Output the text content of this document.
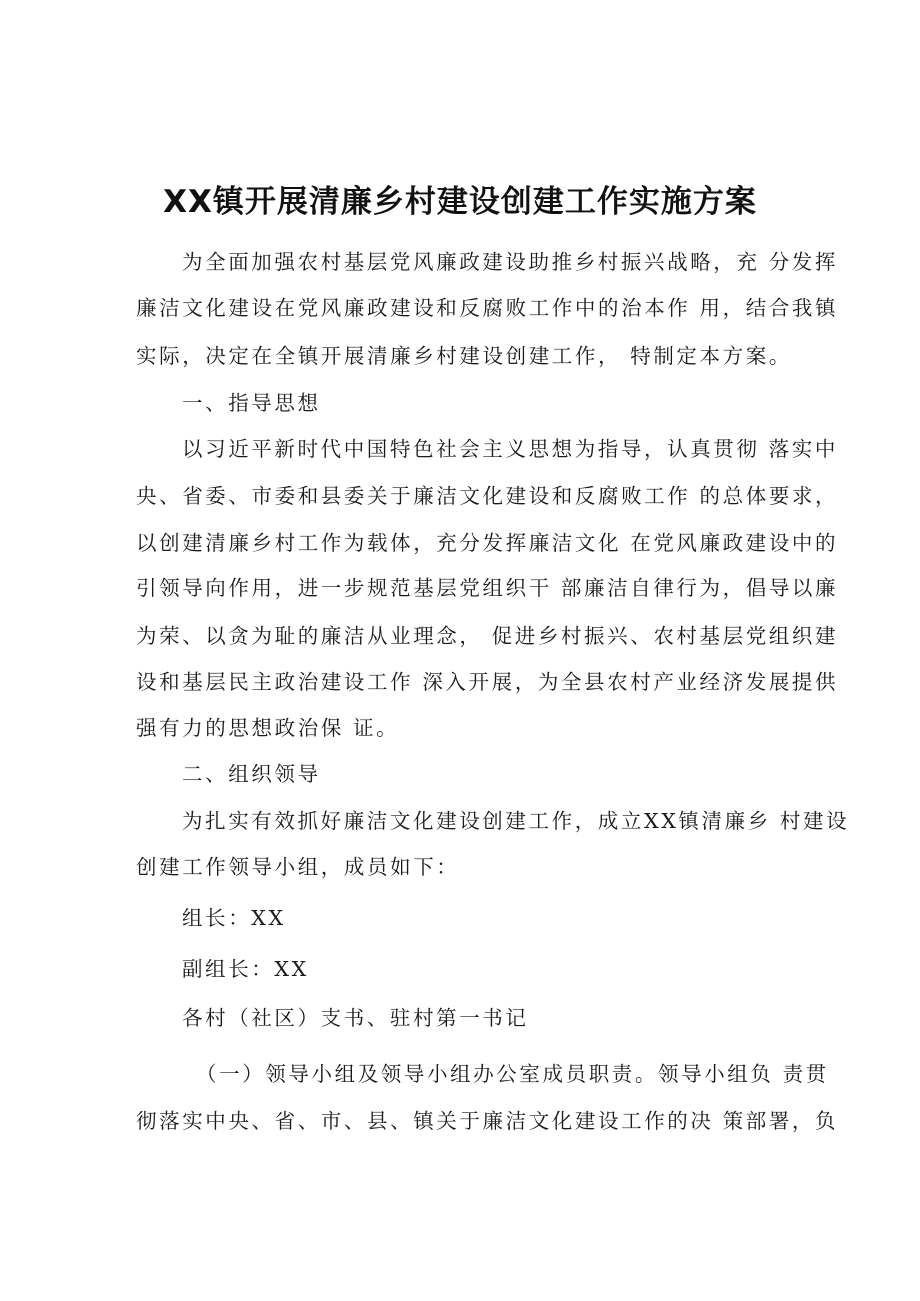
XX镇开展清廉乡村建设创建工作实施方案
为全面加强农村基层党风廉政建设助推乡村振兴战略，充 分发挥
廉洁文化建设在党风廉政建设和反腐败工作中的治本作 用，结合我镇
实际，决定在全镇开展清廉乡村建设创建工作， 特制定本方案。
一、指导思想
以习近平新时代中国特色社会主义思想为指导，认真贯彻 落实中
央、省委、市委和县委关于廉洁文化建设和反腐败工作 的总体要求，
以创建清廉乡村工作为载体，充分发挥廉洁文化 在党风廉政建设中的
引领导向作用，进一步规范基层党组织干 部廉洁自律行为，倡导以廉
为荣、以贪为耻的廉洁从业理念， 促进乡村振兴、农村基层党组织建
设和基层民主政治建设工作 深入开展，为全县农村产业经济发展提供
强有力的思想政治保 证。
二、组织领导
为扎实有效抓好廉洁文化建设创建工作，成立XX镇清廉乡 村建设
创建工作领导小组，成员如下：
组长：XX
副组长：XX
各村（社区）支书、驻村第一书记
（一）领导小组及领导小组办公室成员职责。领导小组负 责贯
彻落实中央、省、市、县、镇关于廉洁文化建设工作的决 策部署，负
